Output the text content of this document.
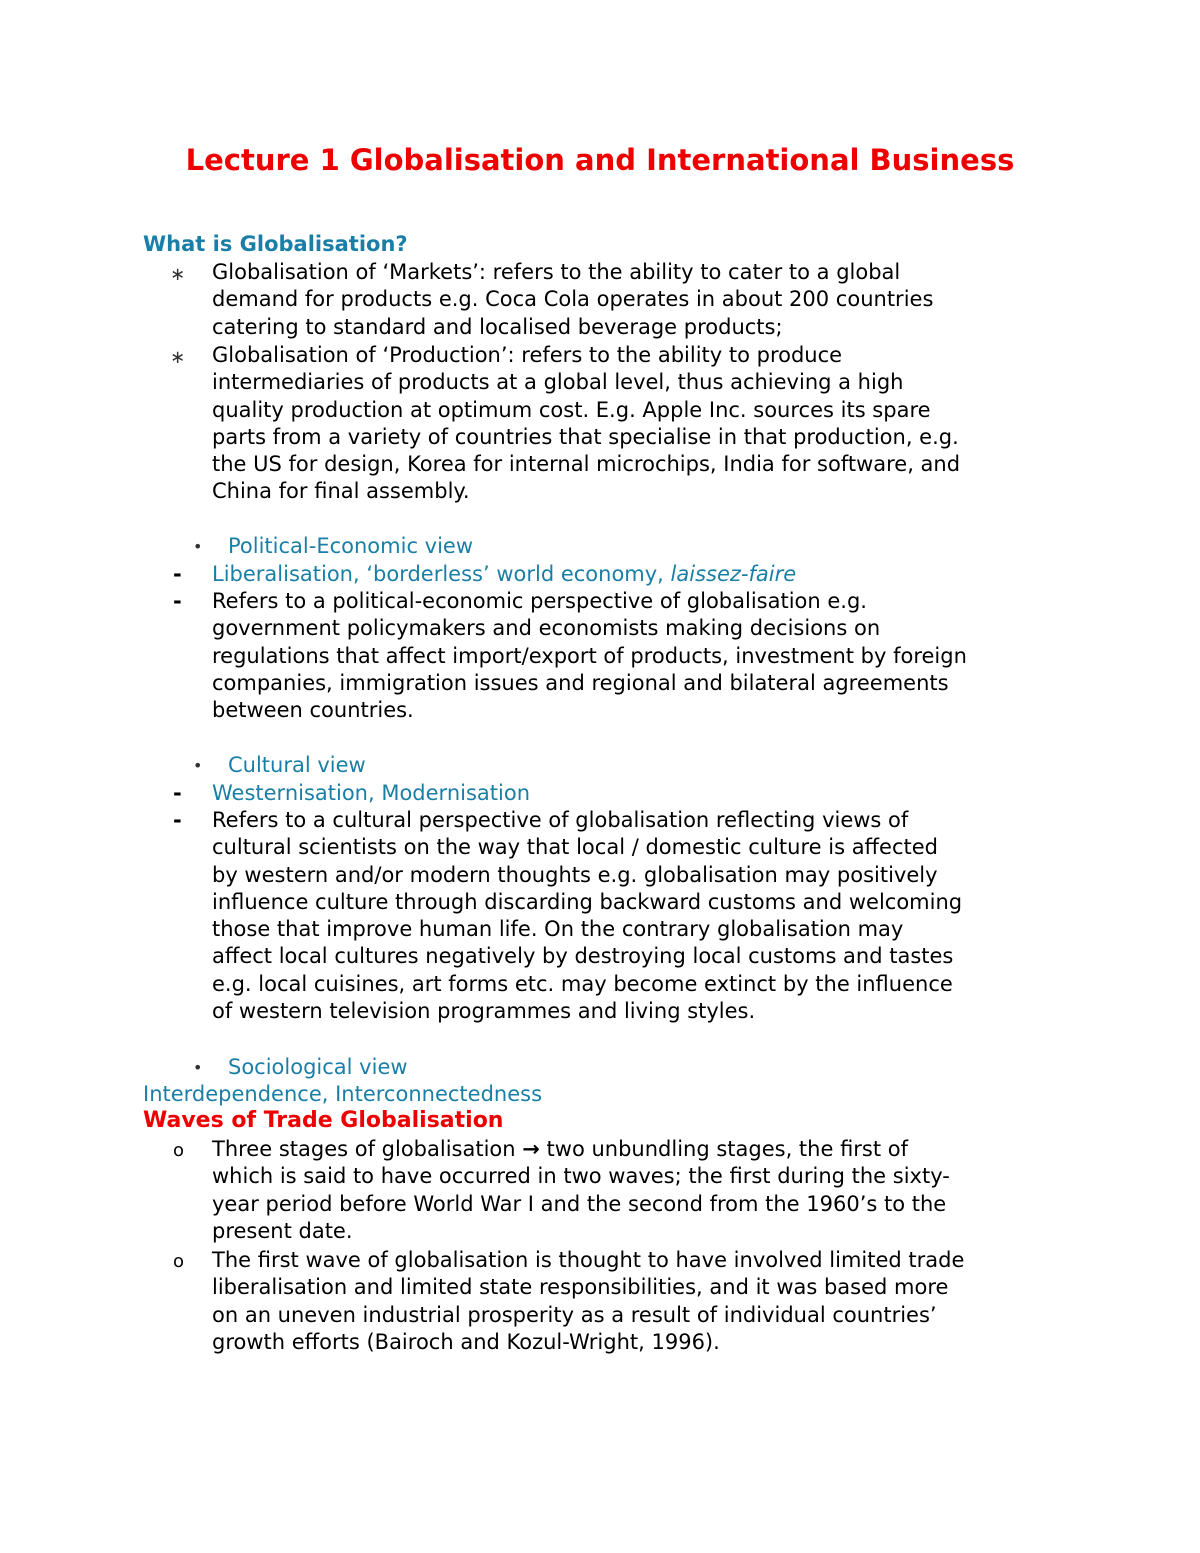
Lecture 1 Globalisation and International Business
What is Globalisation?
∗ Globalisation of ‘Markets’: refers to the ability to cater to a global
demand for products e.g. Coca Cola operates in about 200 countries
catering to standard and localised beverage products;
∗ Globalisation of ‘Production’: refers to the ability to produce
intermediaries of products at a global level, thus achieving a high
quality production at optimum cost. E.g. Apple Inc. sources its spare
parts from a variety of countries that specialise in that production, e.g.
the US for design, Korea for internal microchips, India for software, and
China for final assembly.
• Political-Economic view
- Liberalisation, ‘borderless’ world economy, laissez-faire
- Refers to a political-economic perspective of globalisation e.g.
government policymakers and economists making decisions on
regulations that affect import/export of products, investment by foreign
companies, immigration issues and regional and bilateral agreements
between countries.
• Cultural view
- Westernisation, Modernisation
- Refers to a cultural perspective of globalisation reflecting views of
cultural scientists on the way that local / domestic culture is affected
by western and/or modern thoughts e.g. globalisation may positively
influence culture through discarding backward customs and welcoming
those that improve human life. On the contrary globalisation may
affect local cultures negatively by destroying local customs and tastes
e.g. local cuisines, art forms etc. may become extinct by the influence
of western television programmes and living styles.
• Sociological view
Interdependence, Interconnectedness
Waves of Trade Globalisation
o Three stages of globalisation → two unbundling stages, the first of
which is said to have occurred in two waves; the first during the sixty-
year period before World War I and the second from the 1960’s to the
present date.
o The first wave of globalisation is thought to have involved limited trade
liberalisation and limited state responsibilities, and it was based more
on an uneven industrial prosperity as a result of individual countries’
growth efforts (Bairoch and Kozul-Wright, 1996).
